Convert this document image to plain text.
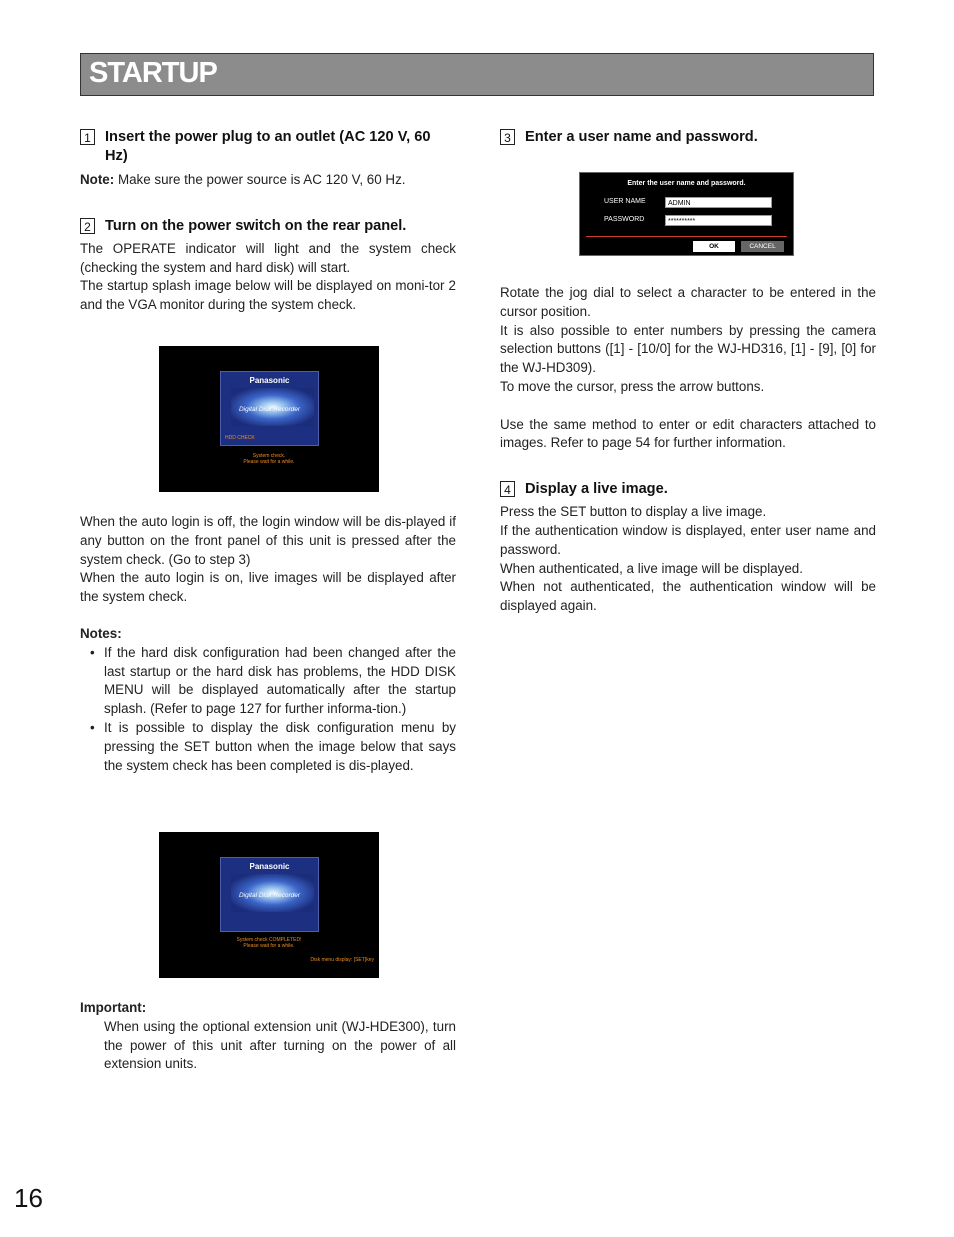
STARTUP
1 Insert the power plug to an outlet (AC 120 V, 60 Hz)

Note: Make sure the power source is AC 120 V, 60 Hz.

2 Turn on the power switch on the rear panel.

The OPERATE indicator will light and the system check (checking the system and hard disk) will start.

The startup splash image below will be displayed on moni-tor 2 and the VGA monitor during the system check.

Panasonic
Digital Disk Recorder
HDD CHECK
System check.
Please wait for a while.

When the auto login is off, the login window will be dis-played if any button on the front panel of this unit is pressed after the system check. (Go to step 3)

When the auto login is on, live images will be displayed after the system check.

Notes:

• If the hard disk configuration had been changed after the last startup or the hard disk has problems, the HDD DISK MENU will be displayed automatically after the startup splash. (Refer to page 127 for further informa-tion.)
• It is possible to display the disk configuration menu by pressing the SET button when the image below that says the system check has been completed is dis-played.
Panasonic
Digital Disk Recorder
System check COMPLETED!
Please wait for a while.
Disk menu display: [SET]key

Important:

When using the optional extension unit (WJ-HDE300), turn the power of this unit after turning on the power of all extension units.

3 Enter a user name and password.
Enter the user name and password.
USER NAME	ADMIN
PASSWORD	**********
OK	CANCEL

Rotate the jog dial to select a character to be entered in the cursor position.

It is also possible to enter numbers by pressing the camera selection buttons ([1] - [10/0] for the WJ-HD316, [1] - [9], [0] for the WJ-HD309).

To move the cursor, press the arrow buttons.

Use the same method to enter or edit characters attached to images. Refer to page 54 for further information.

4 Display a live image.

Press the SET button to display a live image.

If the authentication window is displayed, enter user name and password.

When authenticated, a live image will be displayed.

When not authenticated, the authentication window will be displayed again.

16
